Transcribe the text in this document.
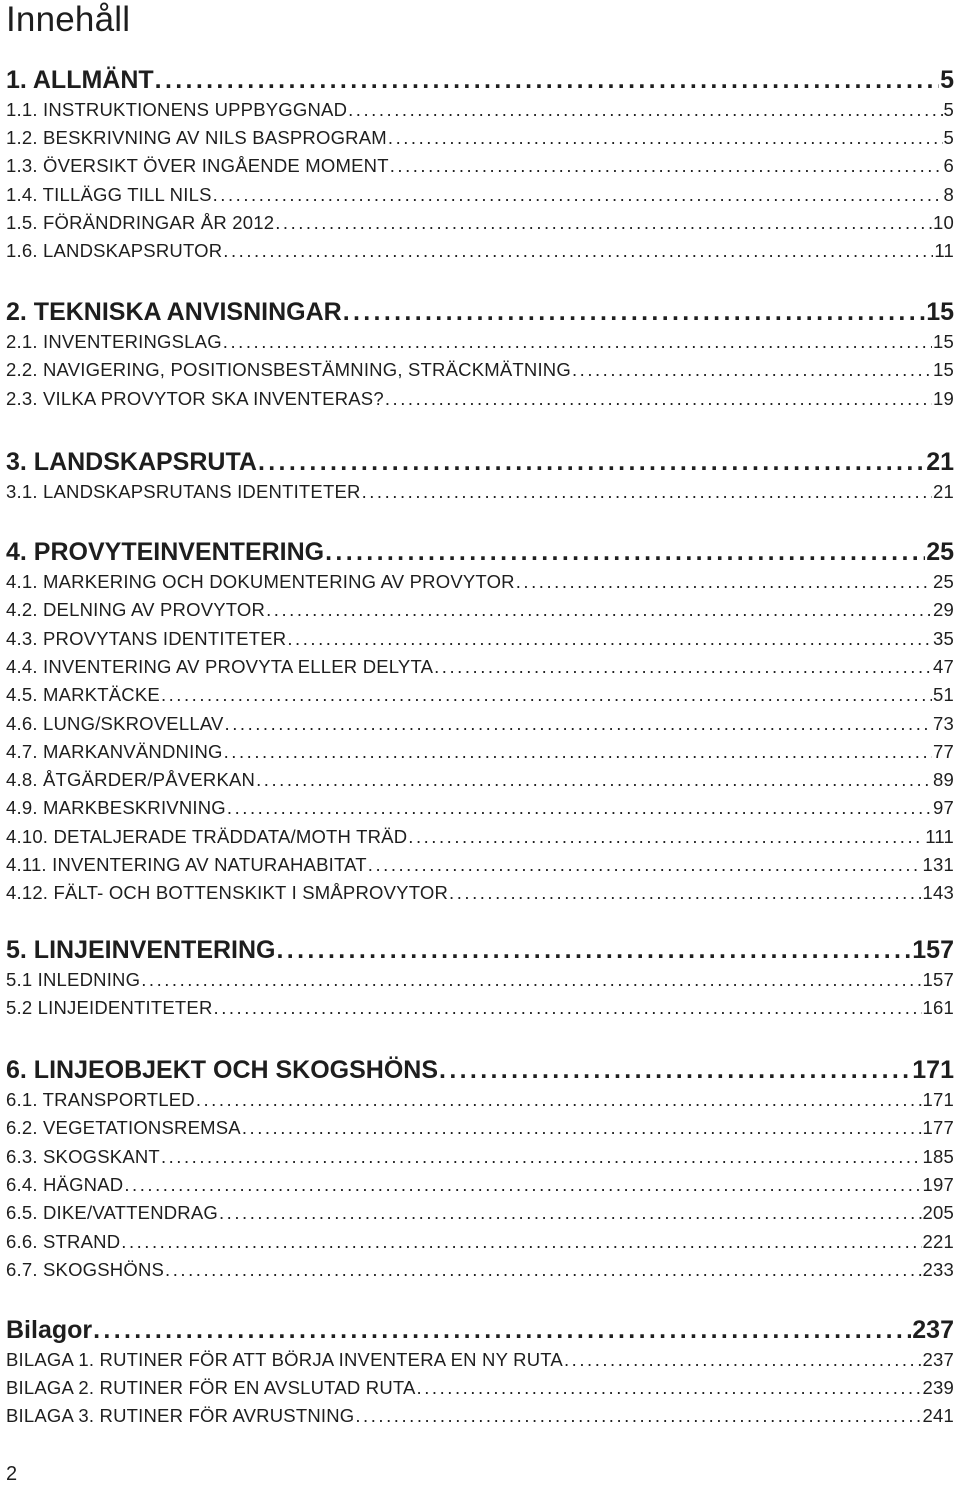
Innehåll
1. ALLMÄNT . . .	5
1.1. INSTRUKTIONENS UPPBYGGNAD . . .	5
1.2. BESKRIVNING AV NILS BASPROGRAM . . .	5
1.3. ÖVERSIKT ÖVER INGÅENDE MOMENT . . .	6
1.4. TILLÄGG TILL NILS . . .	8
1.5. FÖRÄNDRINGAR ÅR 2012 . . .	10
1.6. LANDSKAPSRUTOR . . .	11
2. TEKNISKA ANVISNINGAR . . .	15
2.1. INVENTERINGSLAG . . .	15
2.2. NAVIGERING, POSITIONSBESTÄMNING, STRÄCKMÄTNING . . .	15
2.3. VILKA PROVYTOR SKA INVENTERAS? . . .	19
3. LANDSKAPSRUTA . . .	21
3.1. LANDSKAPSRUTANS IDENTITETER . . .	21
4. PROVYTEINVENTERING . . .	25
4.1. MARKERING OCH DOKUMENTERING AV PROVYTOR . . .	25
4.2. DELNING AV PROVYTOR . . .	29
4.3. PROVYTANS IDENTITETER . . .	35
4.4. INVENTERING AV PROVYTA ELLER DELYTA . . .	47
4.5. MARKTÄCKE . . .	51
4.6. LUNG/SKROVELLAV . . .	73
4.7. MARKANVÄNDNING . . .	77
4.8. ÅTGÄRDER/PÅVERKAN . . .	89
4.9. MARKBESKRIVNING . . .	97
4.10. DETALJERADE TRÄDDATA/MOTH TRÄD . . .	111
4.11. INVENTERING AV NATURAHABITAT . . .	131
4.12. FÄLT- OCH BOTTENSKIKT I SMÅPROVYTOR . . .	143
5. LINJEINVENTERING . . .	157
5.1 INLEDNING . . .	157
5.2 LINJEIDENTITETER . . .	161
6. LINJEOBJEKT OCH SKOGSHÖNS . . .	171
6.1. TRANSPORTLED . . .	171
6.2. VEGETATIONSREMSA . . .	177
6.3. SKOGSKANT . . .	185
6.4. HÄGNAD . . .	197
6.5. DIKE/VATTENDRAG . . .	205
6.6. STRAND . . .	221
6.7. SKOGSHÖNS . . .	233
Bilagor . . .	237
BILAGA 1. RUTINER FÖR ATT BÖRJA INVENTERA EN NY RUTA . . .	237
BILAGA 2. RUTINER FÖR EN AVSLUTAD RUTA . . .	239
BILAGA 3. RUTINER FÖR AVRUSTNING . . .	241
2
